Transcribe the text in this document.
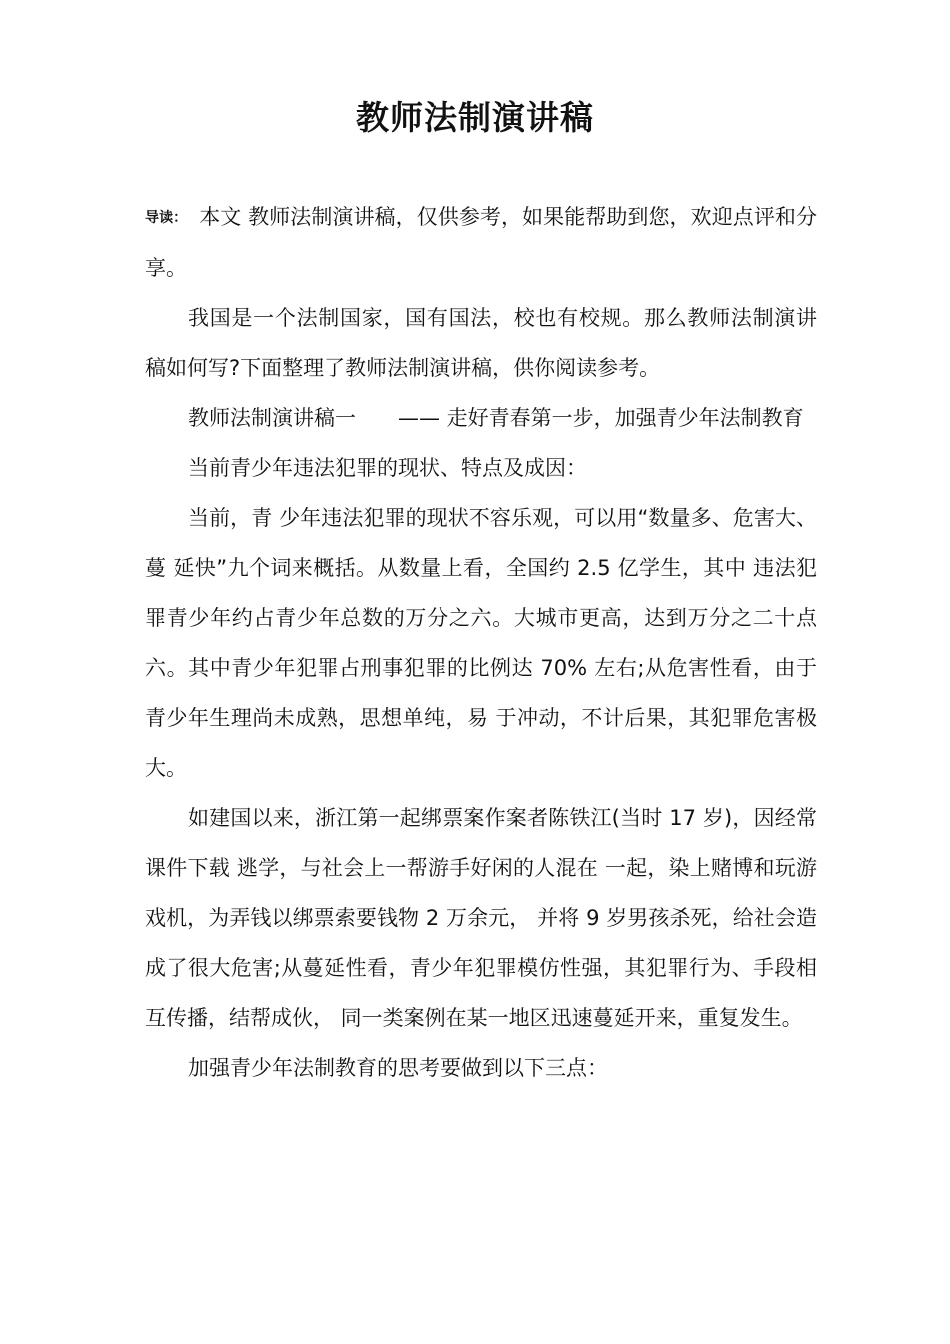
教师法制演讲稿

导读： 本文 教师法制演讲稿，仅供参考，如果能帮助到您，欢迎点评和分享。

我国是一个法制国家，国有国法，校也有校规。那么教师法制演讲稿如何写?下面整理了教师法制演讲稿，供你阅读参考。

教师法制演讲稿一　　—— 走好青春第一步，加强青少年法制教育

当前青少年违法犯罪的现状、特点及成因：

当前，青 少年违法犯罪的现状不容乐观，可以用“数量多、危害大、蔓 延快”九个词来概括。从数量上看，全国约 2.5 亿学生，其中 违法犯罪青少年约占青少年总数的万分之六。大城市更高，达到万分之二十点六。其中青少年犯罪占刑事犯罪的比例达 70% 左右;从危害性看，由于青少年生理尚未成熟，思想单纯，易 于冲动，不计后果，其犯罪危害极大。

如建国以来，浙江第一起绑票案作案者陈铁江(当时 17 岁)，因经常课件下载 逃学，与社会上一帮游手好闲的人混在 一起，染上赌博和玩游戏机，为弄钱以绑票索要钱物 2 万余元， 并将 9 岁男孩杀死，给社会造成了很大危害;从蔓延性看，青少年犯罪模仿性强，其犯罪行为、手段相互传播，结帮成伙， 同一类案例在某一地区迅速蔓延开来，重复发生。

加强青少年法制教育的思考要做到以下三点：
